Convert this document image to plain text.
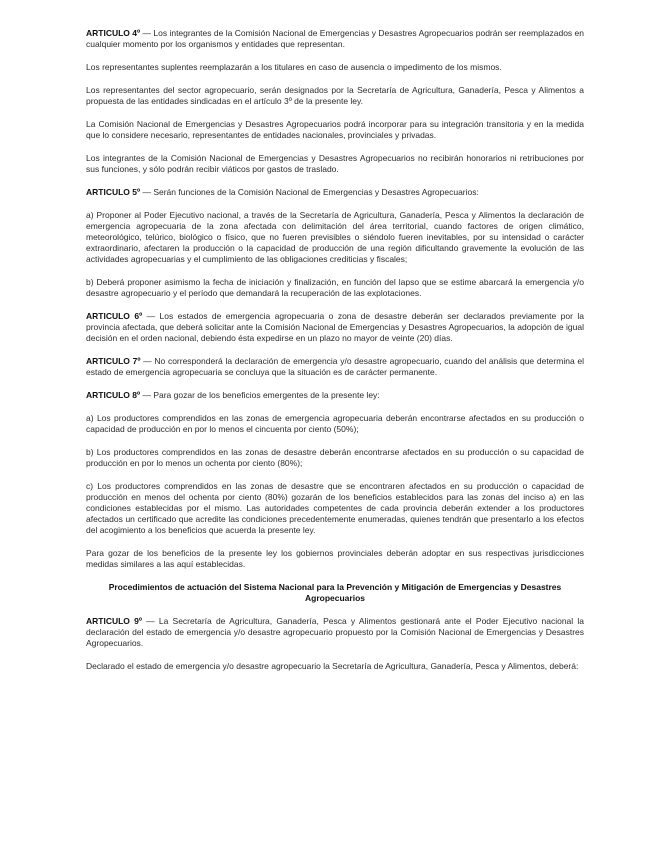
ARTICULO 4º — Los integrantes de la Comisión Nacional de Emergencias y Desastres Agropecuarios podrán ser reemplazados en cualquier momento por los organismos y entidades que representan.

Los representantes suplentes reemplazarán a los titulares en caso de ausencia o impedimento de los mismos.

Los representantes del sector agropecuario, serán designados por la Secretaría de Agricultura, Ganadería, Pesca y Alimentos a propuesta de las entidades sindicadas en el artículo 3º de la presente ley.

La Comisión Nacional de Emergencias y Desastres Agropecuarios podrá incorporar para su integración transitoria y en la medida que lo considere necesario, representantes de entidades nacionales, provinciales y privadas.

Los integrantes de la Comisión Nacional de Emergencias y Desastres Agropecuarios no recibirán honorarios ni retribuciones por sus funciones, y sólo podrán recibir viáticos por gastos de traslado.

ARTICULO 5º — Serán funciones de la Comisión Nacional de Emergencias y Desastres Agropecuarios:

a) Proponer al Poder Ejecutivo nacional, a través de la Secretaría de Agricultura, Ganadería, Pesca y Alimentos la declaración de emergencia agropecuaria de la zona afectada con delimitación del área territorial, cuando factores de origen climático, meteorológico, telúrico, biológico o físico, que no fueren previsibles o siéndolo fueren inevitables, por su intensidad o carácter extraordinario, afectaren la producción o la capacidad de producción de una región dificultando gravemente la evolución de las actividades agropecuarias y el cumplimiento de las obligaciones crediticias y fiscales;

b) Deberá proponer asimismo la fecha de iniciación y finalización, en función del lapso que se estime abarcará la emergencia y/o desastre agropecuario y el período que demandará la recuperación de las explotaciones.

ARTICULO 6º — Los estados de emergencia agropecuaria o zona de desastre deberán ser declarados previamente por la provincia afectada, que deberá solicitar ante la Comisión Nacional de Emergencias y Desastres Agropecuarios, la adopción de igual decisión en el orden nacional, debiendo ésta expedirse en un plazo no mayor de veinte (20) días.

ARTICULO 7º — No corresponderá la declaración de emergencia y/o desastre agropecuario, cuando del análisis que determina el estado de emergencia agropecuaria se concluya que la situación es de carácter permanente.

ARTICULO 8º — Para gozar de los beneficios emergentes de la presente ley:

a) Los productores comprendidos en las zonas de emergencia agropecuaria deberán encontrarse afectados en su producción o capacidad de producción en por lo menos el cincuenta por ciento (50%);

b) Los productores comprendidos en las zonas de desastre deberán encontrarse afectados en su producción o su capacidad de producción en por lo menos un ochenta por ciento (80%);

c) Los productores comprendidos en las zonas de desastre que se encontraren afectados en su producción o capacidad de producción en menos del ochenta por ciento (80%) gozarán de los beneficios establecidos para las zonas del inciso a) en las condiciones establecidas por el mismo. Las autoridades competentes de cada provincia deberán extender a los productores afectados un certificado que acredite las condiciones precedentemente enumeradas, quienes tendrán que presentarlo a los efectos del acogimiento a los beneficios que acuerda la presente ley.

Para gozar de los beneficios de la presente ley los gobiernos provinciales deberán adoptar en sus respectivas jurisdicciones medidas similares a las aquí establecidas.

Procedimientos de actuación del Sistema Nacional para la Prevención y Mitigación de Emergencias y Desastres Agropecuarios

ARTICULO 9º — La Secretaría de Agricultura, Ganadería, Pesca y Alimentos gestionará ante el Poder Ejecutivo nacional la declaración del estado de emergencia y/o desastre agropecuario propuesto por la Comisión Nacional de Emergencias y Desastres Agropecuarios.

Declarado el estado de emergencia y/o desastre agropecuario la Secretaría de Agricultura, Ganadería, Pesca y Alimentos, deberá:
